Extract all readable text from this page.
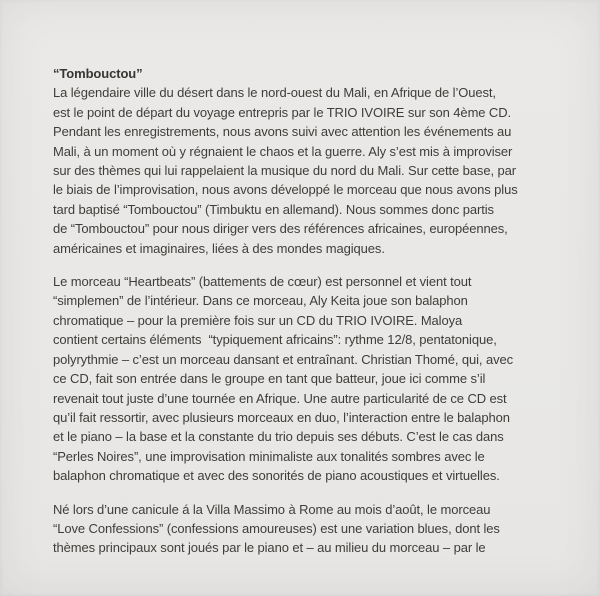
“Tombouctou”
La légendaire ville du désert dans le nord-ouest du Mali, en Afrique de l’Ouest,
est le point de départ du voyage entrepris par le TRIO IVOIRE sur son 4ème CD.
Pendant les enregistrements, nous avons suivi avec attention les événements au
Mali, à un moment où y régnaient le chaos et la guerre. Aly s’est mis à improviser
sur des thèmes qui lui rappelaient la musique du nord du Mali. Sur cette base, par
le biais de l’improvisation, nous avons développé le morceau que nous avons plus
tard baptisé “Tombouctou” (Timbuktu en allemand). Nous sommes donc partis
de “Tombouctou” pour nous diriger vers des références africaines, européennes,
américaines et imaginaires, liées à des mondes magiques.
Le morceau “Heartbeats” (battements de cœur) est personnel et vient tout
“simplemen” de l’intérieur. Dans ce morceau, Aly Keita joue son balaphon
chromatique – pour la première fois sur un CD du TRIO IVOIRE. Maloya
contient certains éléments  “typiquement africains”: rythme 12/8, pentatonique,
polyrythmie – c’est un morceau dansant et entraînant. Christian Thomé, qui, avec
ce CD, fait son entrée dans le groupe en tant que batteur, joue ici comme s’il
revenait tout juste d’une tournée en Afrique. Une autre particularité de ce CD est
qu’il fait ressortir, avec plusieurs morceaux en duo, l’interaction entre le balaphon
et le piano – la base et la constante du trio depuis ses débuts. C’est le cas dans
“Perles Noires”, une improvisation minimaliste aux tonalités sombres avec le
balaphon chromatique et avec des sonorités de piano acoustiques et virtuelles.
Né lors d’une canicule á la Villa Massimo à Rome au mois d’août, le morceau
“Love Confessions” (confessions amoureuses) est une variation blues, dont les
thèmes principaux sont joués par le piano et – au milieu du morceau – par le
